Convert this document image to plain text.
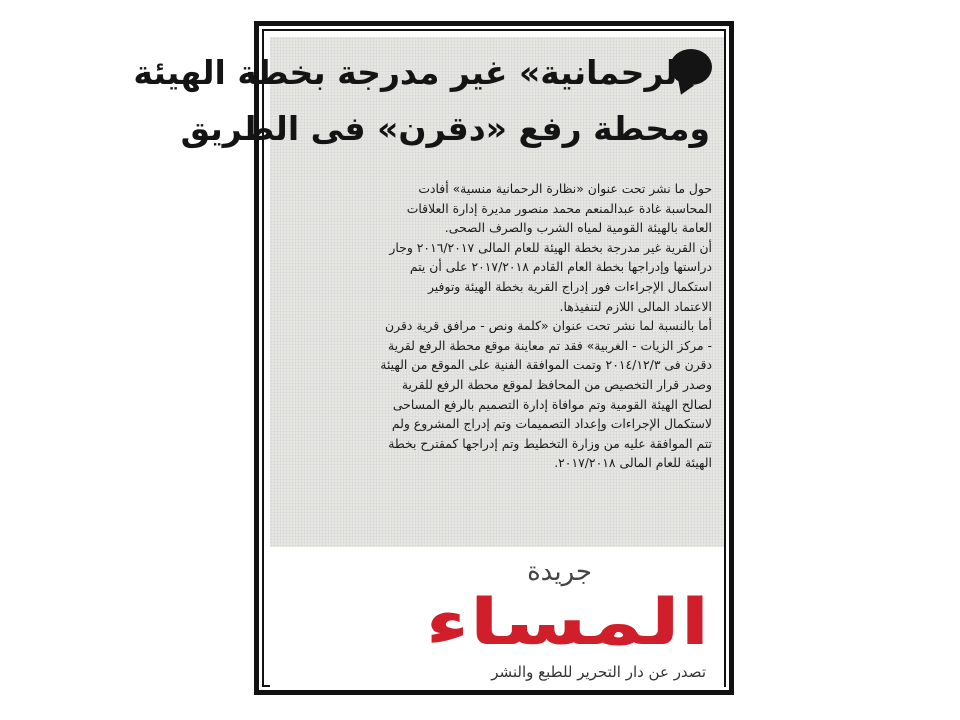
«الرحمانية» غير مدرجة بخطة الهيئة
ومحطة رفع «دقرن» فى الطريق
حول ما نشر تحت عنوان «نظارة الرحمانية منسية» أفادت
المحاسبة غادة عبدالمنعم محمد منصور مديرة إدارة العلاقات
العامة بالهيئة القومية لمياه الشرب والصرف الصحى.
أن القرية غير مدرجة بخطة الهيئة للعام المالى ٢٠١٦/٢٠١٧ وجار
دراستها وإدراجها بخطة العام القادم ٢٠١٧/٢٠١٨ على أن يتم
استكمال الإجراءات فور إدراج القرية بخطة الهيئة وتوفير
الاعتماد المالى اللازم لتنفيذها.
أما بالنسبة لما نشر تحت عنوان «كلمة ونص - مرافق قرية دقرن
- مركز الزيات - الغربية» فقد تم معاينة موقع محطة الرفع لقرية
دقرن فى ٢٠١٤/١٢/٣ وتمت الموافقة الفنية على الموقع من الهيئة
وصدر قرار التخصيص من المحافظ لموقع محطة الرفع للقرية
لصالح الهيئة القومية وتم موافاة إدارة التصميم بالرفع المساحى
لاستكمال الإجراءات وإعداد التصميمات وتم إدراج المشروع ولم
تتم الموافقة عليه من وزارة التخطيط وتم إدراجها كمقترح بخطة
الهيئة للعام المالى ٢٠١٧/٢٠١٨.

جريدة

المساء

تصدر عن دار التحرير للطبع والنشر
